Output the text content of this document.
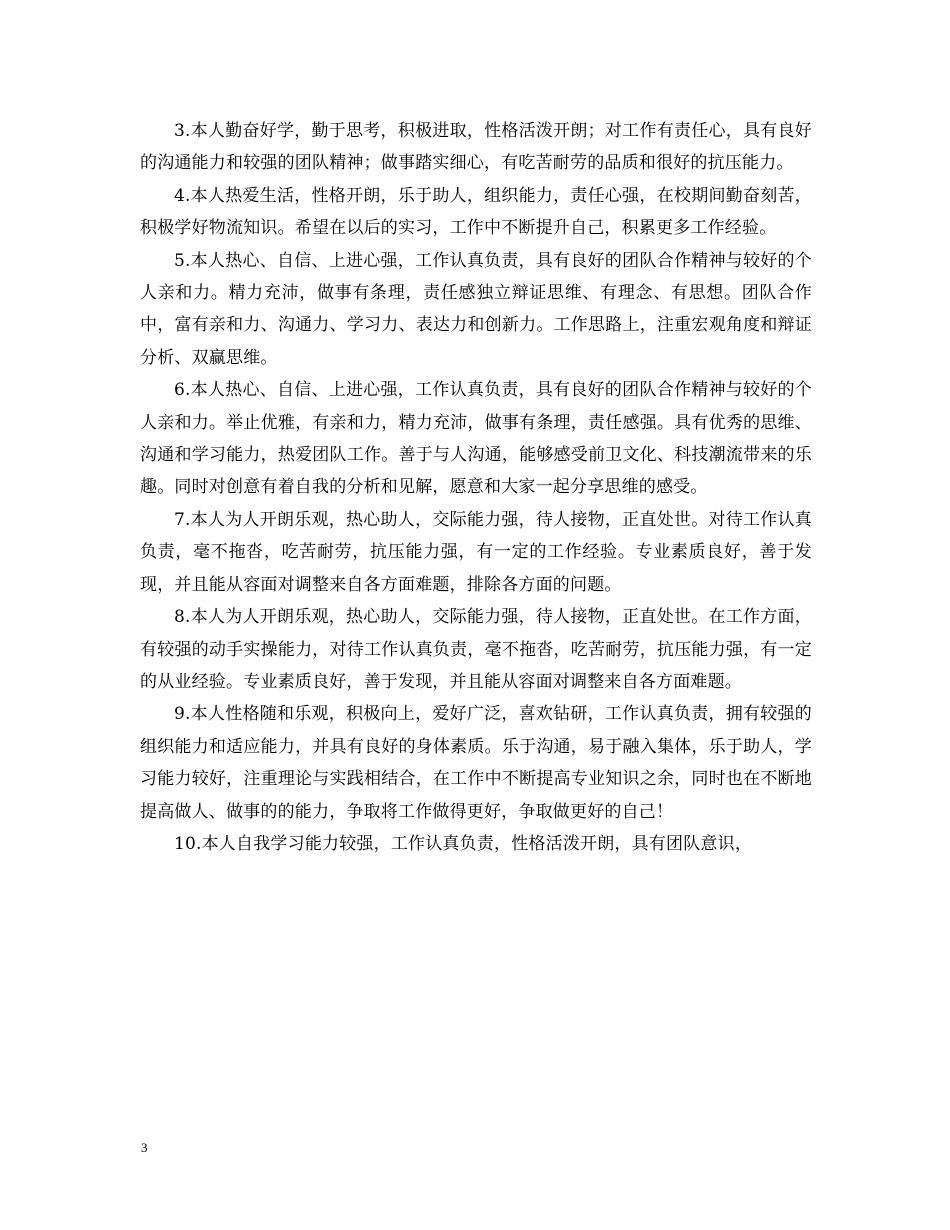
3.本人勤奋好学，勤于思考，积极进取，性格活泼开朗；对工作有责任心，具有良好的沟通能力和较强的团队精神；做事踏实细心，有吃苦耐劳的品质和很好的抗压能力。

4.本人热爱生活，性格开朗，乐于助人，组织能力，责任心强，在校期间勤奋刻苦，积极学好物流知识。希望在以后的实习，工作中不断提升自己，积累更多工作经验。

5.本人热心、自信、上进心强，工作认真负责，具有良好的团队合作精神与较好的个人亲和力。精力充沛，做事有条理，责任感独立辩证思维、有理念、有思想。团队合作中，富有亲和力、沟通力、学习力、表达力和创新力。工作思路上，注重宏观角度和辩证分析、双赢思维。

6.本人热心、自信、上进心强，工作认真负责，具有良好的团队合作精神与较好的个人亲和力。举止优雅，有亲和力，精力充沛，做事有条理，责任感强。具有优秀的思维、沟通和学习能力，热爱团队工作。善于与人沟通，能够感受前卫文化、科技潮流带来的乐趣。同时对创意有着自我的分析和见解，愿意和大家一起分享思维的感受。

7.本人为人开朗乐观，热心助人，交际能力强，待人接物，正直处世。对待工作认真负责，毫不拖沓，吃苦耐劳，抗压能力强，有一定的工作经验。专业素质良好，善于发现，并且能从容面对调整来自各方面难题，排除各方面的问题。

8.本人为人开朗乐观，热心助人，交际能力强，待人接物，正直处世。在工作方面，有较强的动手实操能力，对待工作认真负责，毫不拖沓，吃苦耐劳，抗压能力强，有一定的从业经验。专业素质良好，善于发现，并且能从容面对调整来自各方面难题。

9.本人性格随和乐观，积极向上，爱好广泛，喜欢钻研，工作认真负责，拥有较强的组织能力和适应能力，并具有良好的身体素质。乐于沟通，易于融入集体，乐于助人，学习能力较好，注重理论与实践相结合，在工作中不断提高专业知识之余，同时也在不断地提高做人、做事的的能力，争取将工作做得更好，争取做更好的自己！

10.本人自我学习能力较强，工作认真负责，性格活泼开朗，具有团队意识，

3
